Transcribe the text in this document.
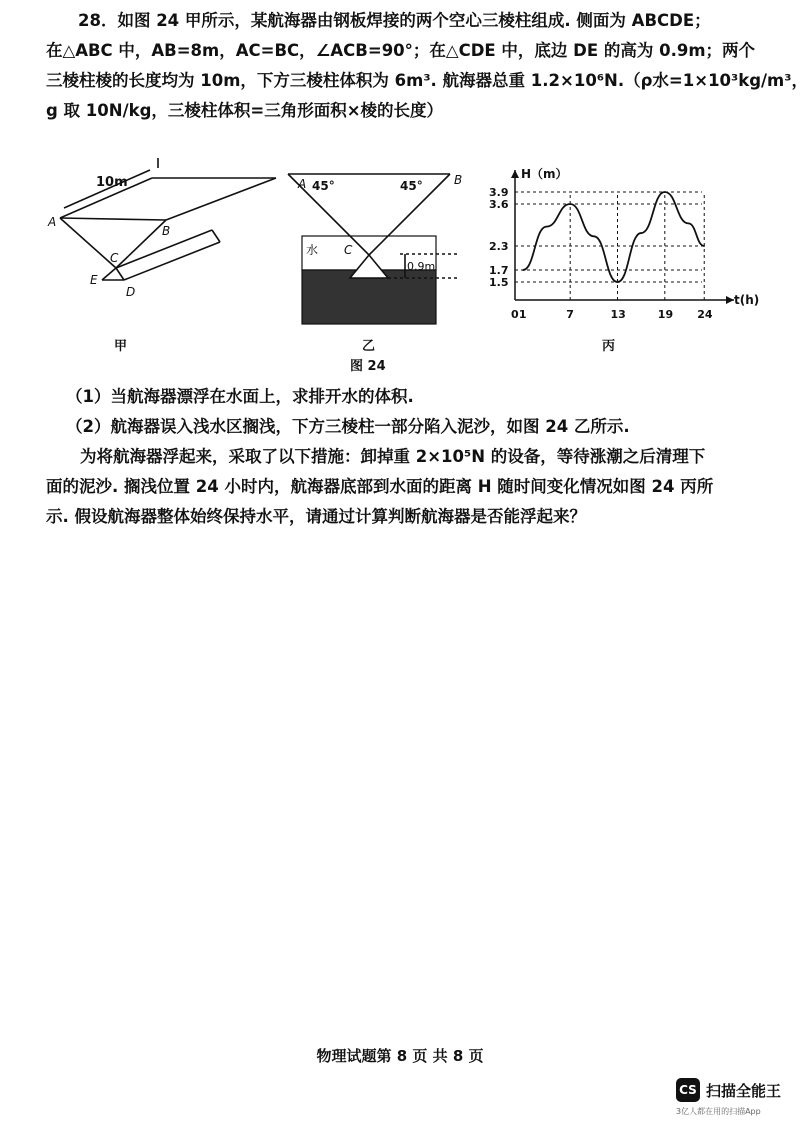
28．如图 24 甲所示，某航海器由钢板焊接的两个空心三棱柱组成. 侧面为 ABCDE；
在△ABC 中，AB=8m，AC=BC，∠ACB=90°；在△CDE 中，底边 DE 的高为 0.9m；两个
三棱柱棱的长度均为 10m，下方三棱柱体积为 6m³. 航海器总重 1.2×10⁶N.（ρ水=1×10³kg/m³，
g 取 10N/kg，三棱柱体积=三角形面积×棱的长度）
10m
A
B
C
E
D
甲
A	B
C
水
0.9m
45°	45°
乙
H（m）
t(h)
1.5
1.7
2.3
3.6
3.9
0 1	7	13	19 24
丙
图 24
（1）当航海器漂浮在水面上，求排开水的体积.
（2）航海器误入浅水区搁浅，下方三棱柱一部分陷入泥沙，如图 24 乙所示.
为将航海器浮起来，采取了以下措施：卸掉重 2×10⁵N 的设备，等待涨潮之后清理下
面的泥沙. 搁浅位置 24 小时内，航海器底部到水面的距离 H 随时间变化情况如图 24 丙所
示. 假设航海器整体始终保持水平，请通过计算判断航海器是否能浮起来？
物理试题第 8 页 共 8 页
CS 扫描全能王
3亿人都在用的扫描App
